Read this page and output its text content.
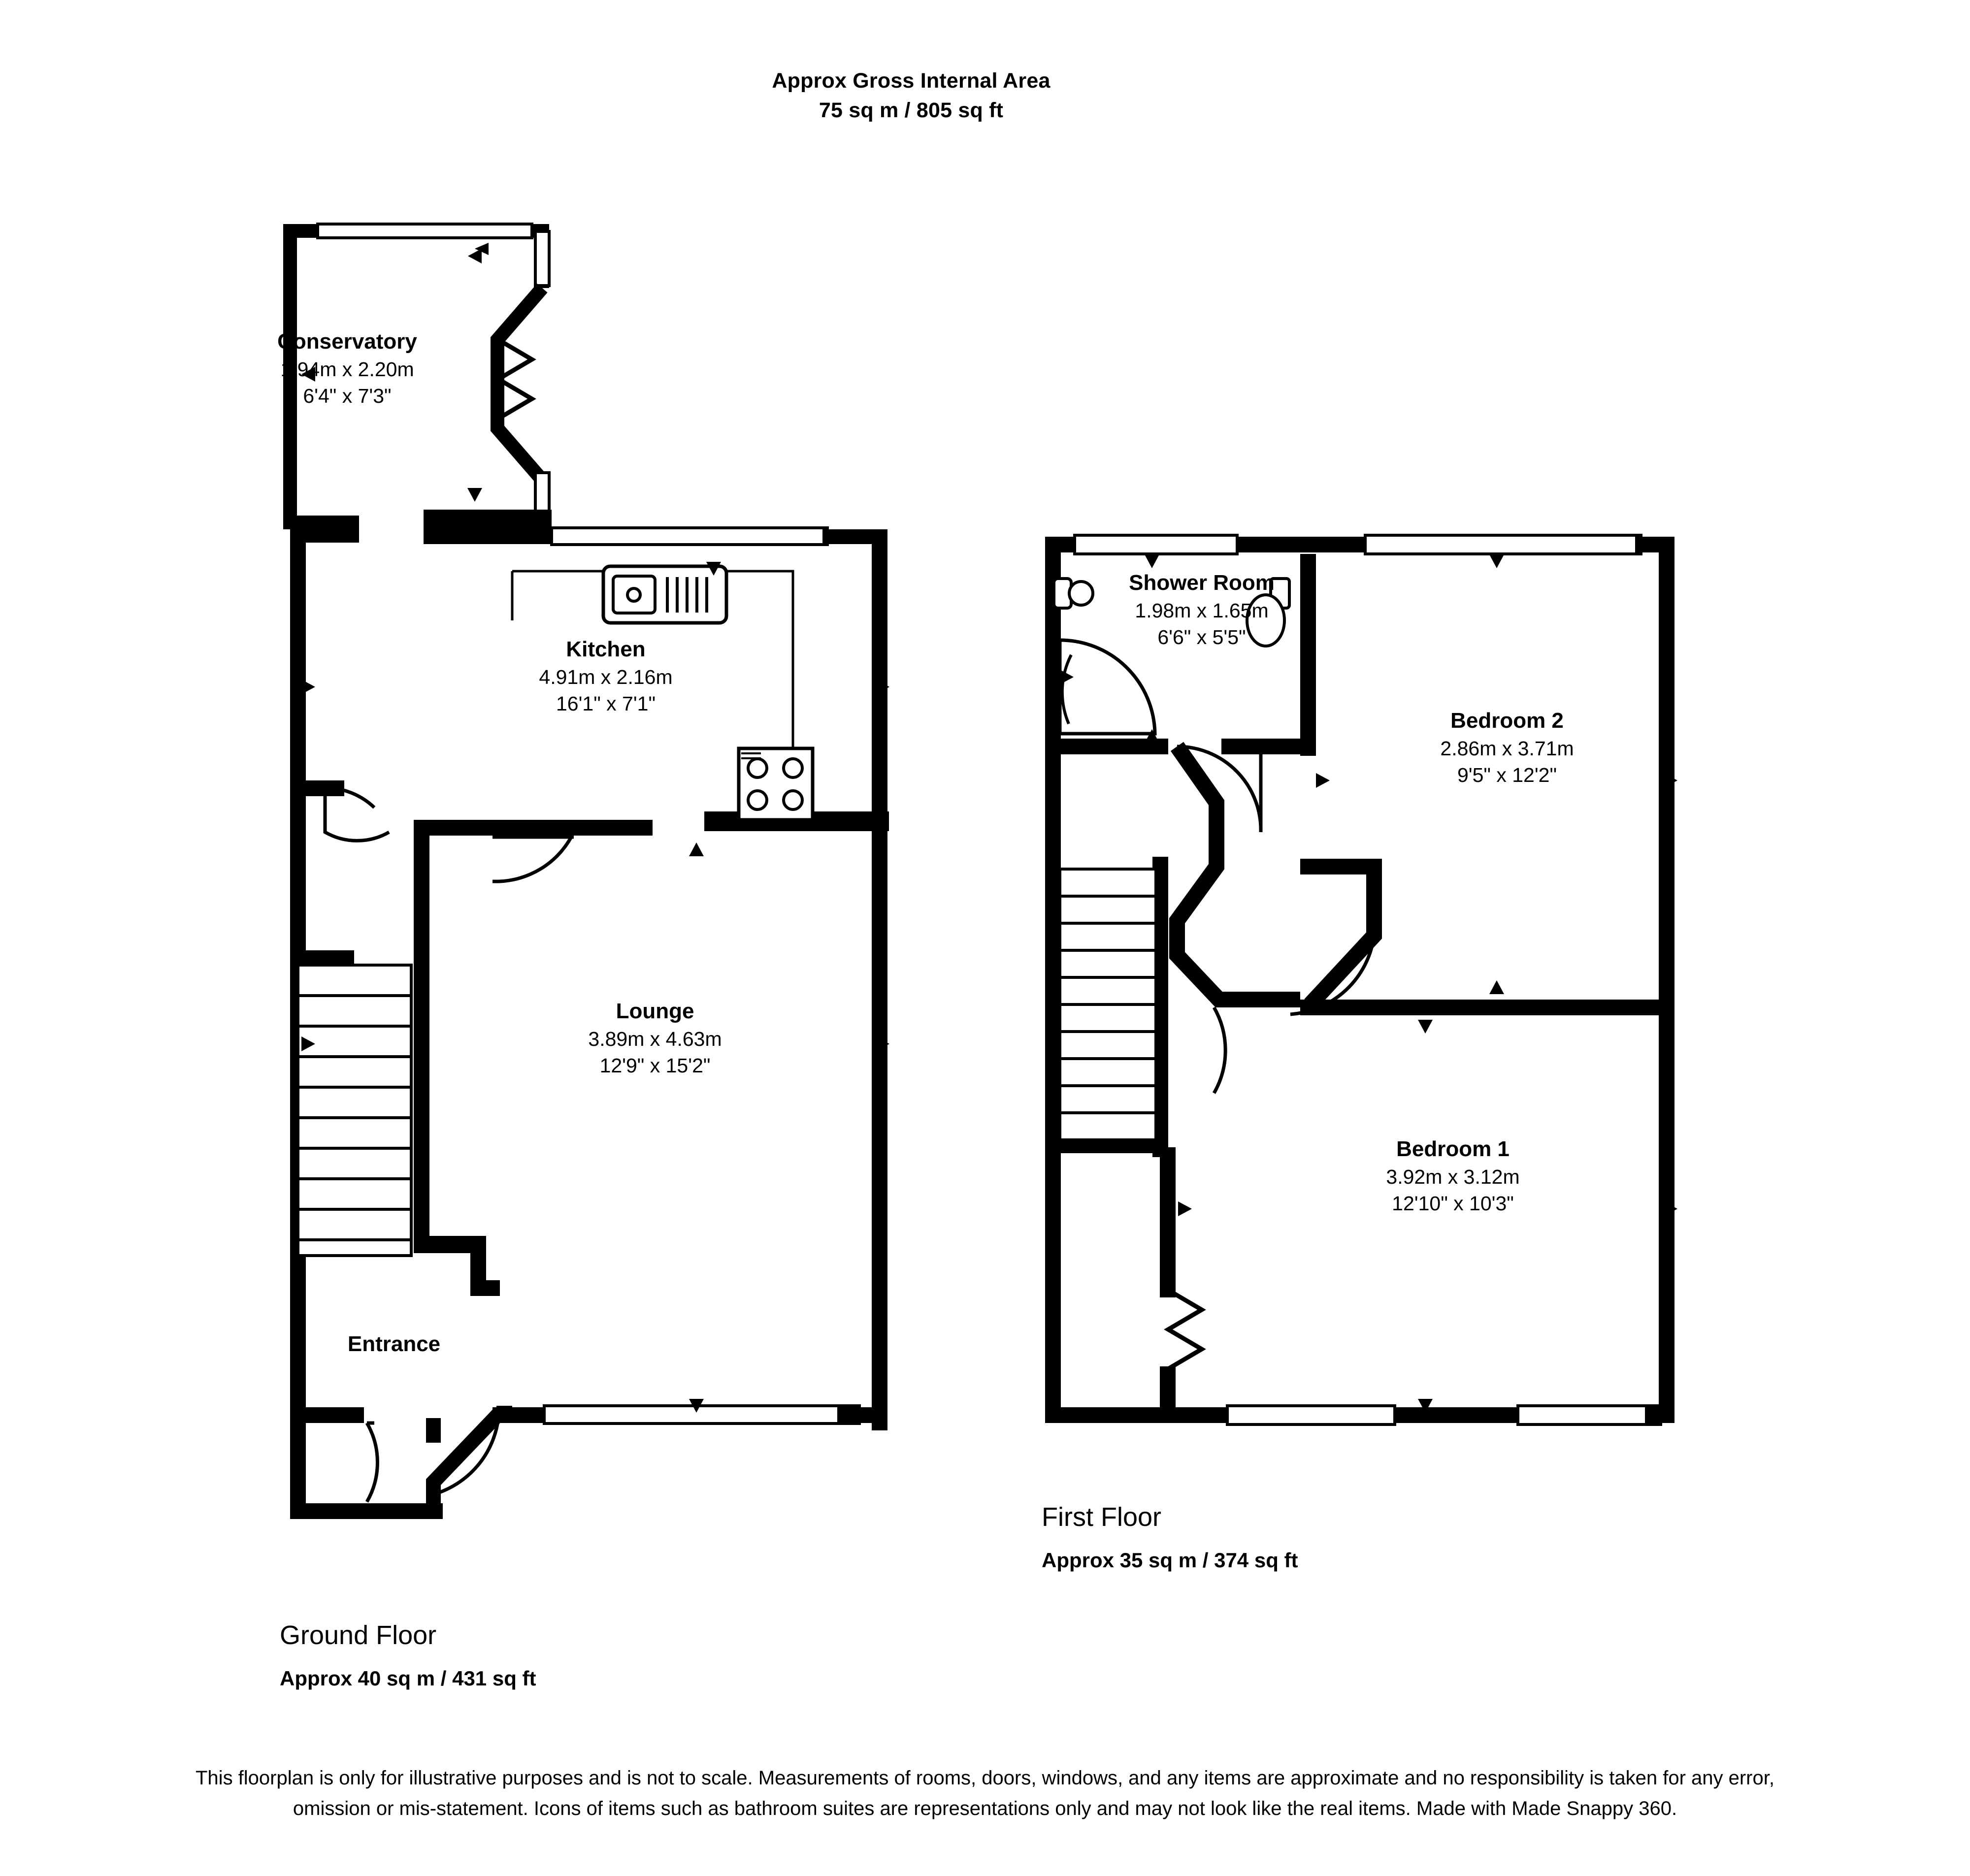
Approx Gross Internal Area
75 sq m / 805 sq ft
Conservatory
1.94m x 2.20m
6'4" x 7'3"
Kitchen
4.91m x 2.16m
16'1" x 7'1"
Lounge
3.89m x 4.63m
12'9" x 15'2"
Entrance
Shower Room
1.98m x 1.65m
6'6" x 5'5"
Bedroom 2
2.86m x 3.71m
9'5" x 12'2"
Bedroom 1
3.92m x 3.12m
12'10" x 10'3"
First Floor
Approx 35 sq m / 374 sq ft
Ground Floor
Approx 40 sq m / 431 sq ft
This floorplan is only for illustrative purposes and is not to scale. Measurements of rooms, doors, windows, and any items are approximate and no responsibility is taken for any error, omission or mis-statement. Icons of items such as bathroom suites are representations only and may not look like the real items. Made with Made Snappy 360.
